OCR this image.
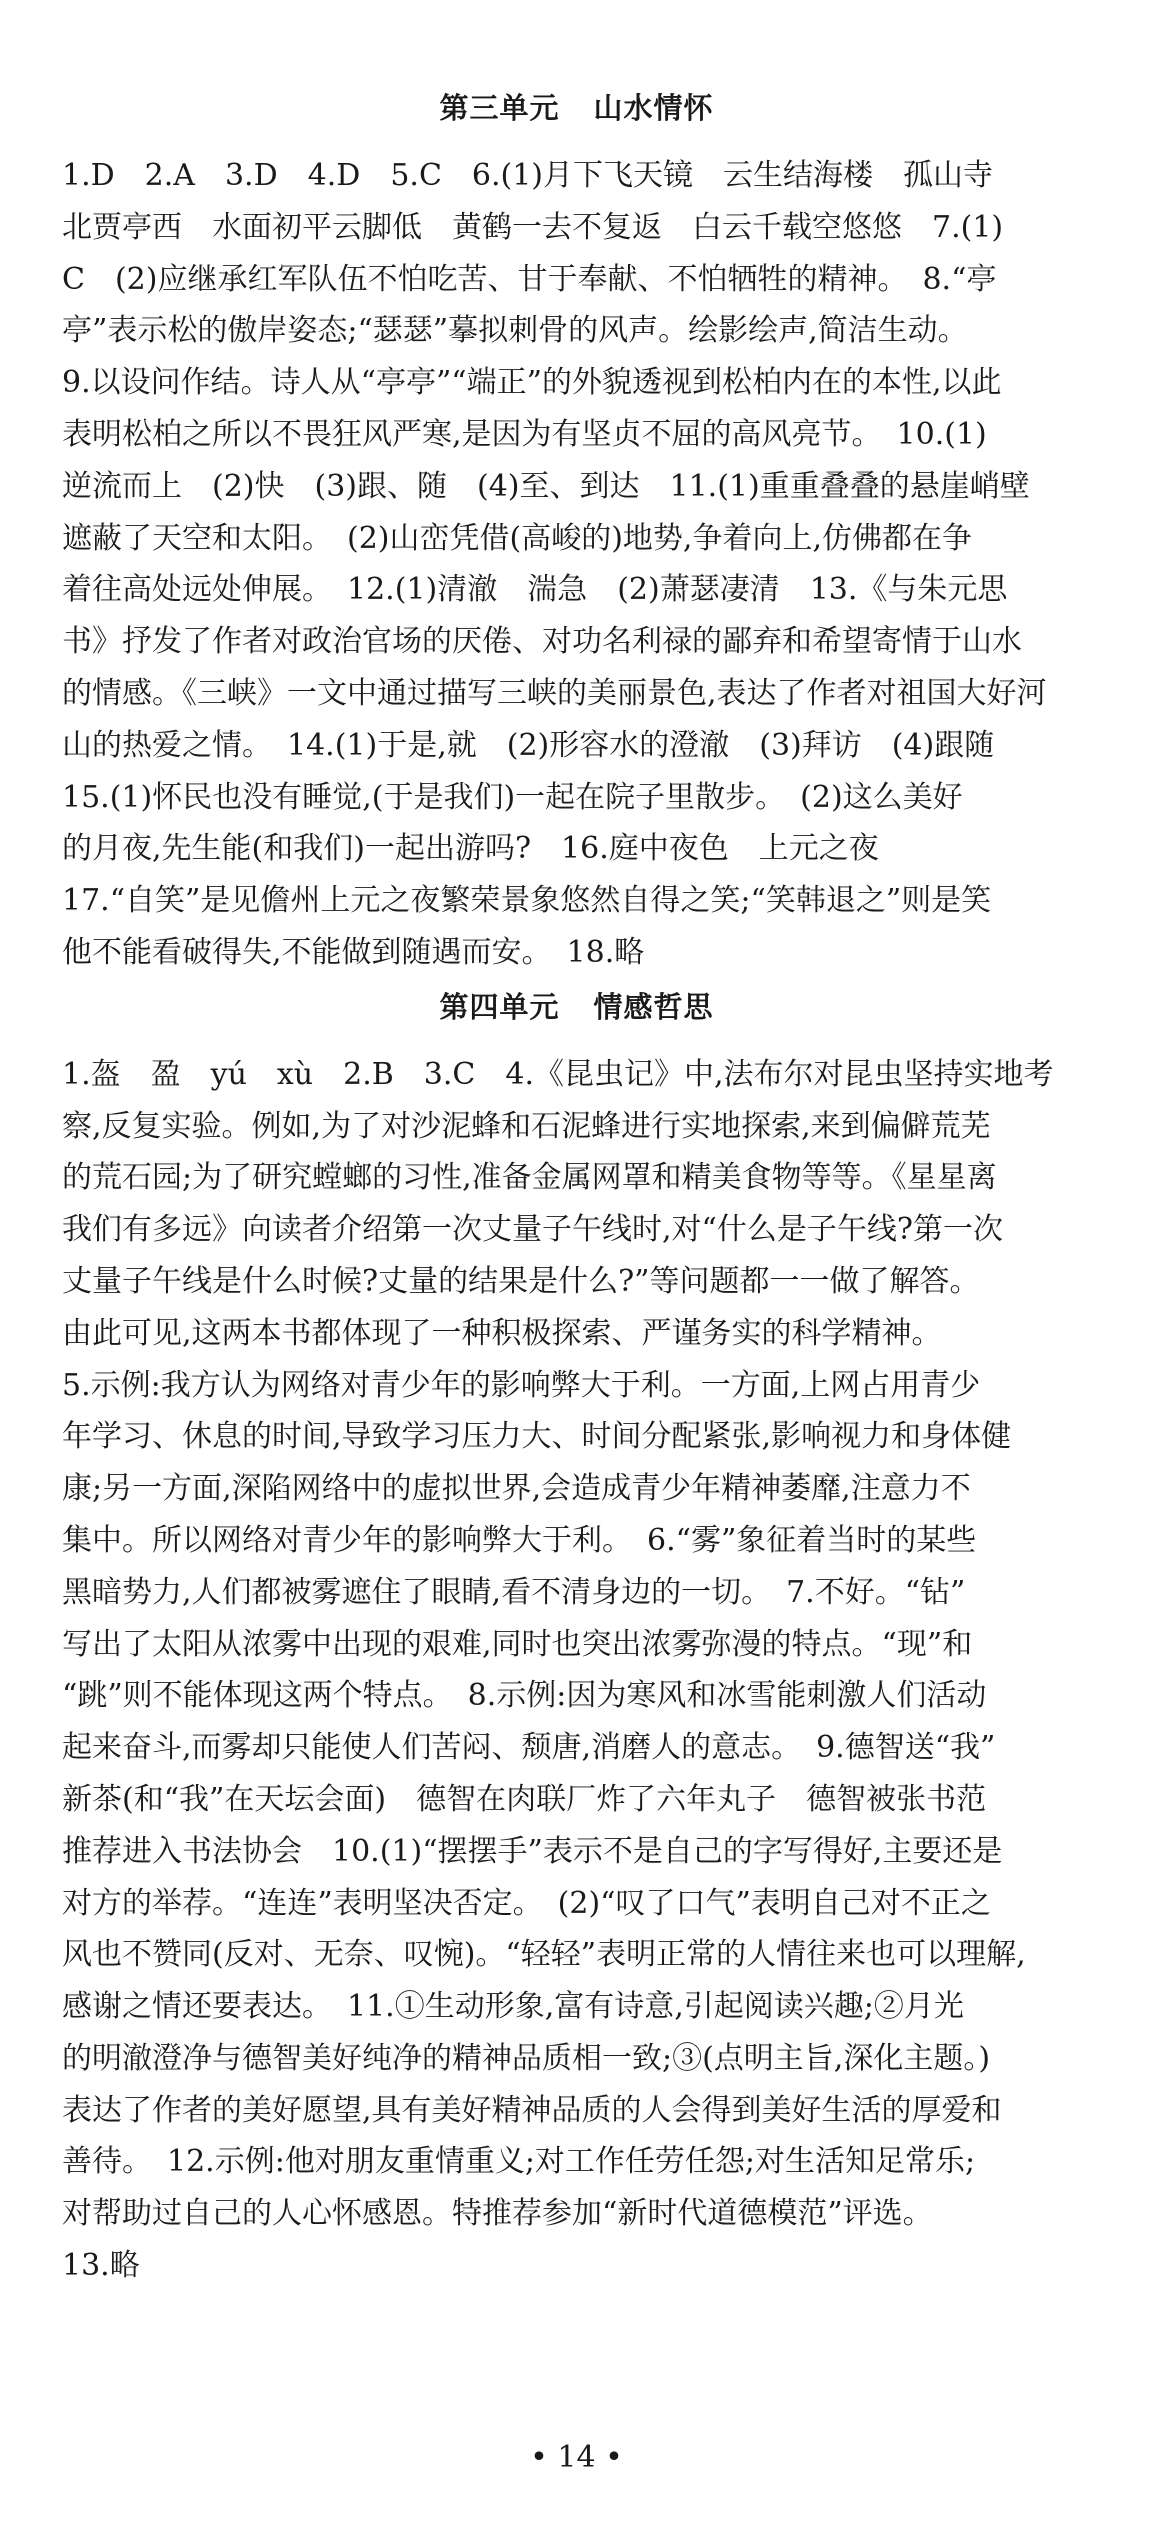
第三单元 山水情怀
1.D　2.A　3.D　4.D　5.C　6.(1)月下飞天镜　云生结海楼　孤山寺
北贾亭西　水面初平云脚低　黄鹤一去不复返　白云千载空悠悠　7.(1)
C　(2)应继承红军队伍不怕吃苦、甘于奉献、不怕牺牲的精神。　8.“亭
亭”表示松的傲岸姿态;“瑟瑟”摹拟刺骨的风声。绘影绘声,简洁生动。
9.以设问作结。诗人从“亭亭”“端正”的外貌透视到松柏内在的本性,以此
表明松柏之所以不畏狂风严寒,是因为有坚贞不屈的高风亮节。　10.(1)
逆流而上　(2)快　(3)跟、随　(4)至、到达　11.(1)重重叠叠的悬崖峭壁
遮蔽了天空和太阳。　(2)山峦凭借(高峻的)地势,争着向上,仿佛都在争
着往高处远处伸展。　12.(1)清澈　湍急　(2)萧瑟凄清　13.《与朱元思
书》抒发了作者对政治官场的厌倦、对功名利禄的鄙弃和希望寄情于山水
的情感。《三峡》一文中通过描写三峡的美丽景色,表达了作者对祖国大好河
山的热爱之情。　14.(1)于是,就　(2)形容水的澄澈　(3)拜访　(4)跟随
15.(1)怀民也没有睡觉,(于是我们)一起在院子里散步。　(2)这么美好
的月夜,先生能(和我们)一起出游吗?　16.庭中夜色　上元之夜
17.“自笑”是见儋州上元之夜繁荣景象悠然自得之笑;“笑韩退之”则是笑
他不能看破得失,不能做到随遇而安。　18.略
第四单元 情感哲思
1.盔　盈　yú　xù　2.B　3.C　4.《昆虫记》中,法布尔对昆虫坚持实地考
察,反复实验。例如,为了对沙泥蜂和石泥蜂进行实地探索,来到偏僻荒芜
的荒石园;为了研究螳螂的习性,准备金属网罩和精美食物等等。《星星离
我们有多远》向读者介绍第一次丈量子午线时,对“什么是子午线?第一次
丈量子午线是什么时候?丈量的结果是什么?”等问题都一一做了解答。
由此可见,这两本书都体现了一种积极探索、严谨务实的科学精神。
5.示例:我方认为网络对青少年的影响弊大于利。一方面,上网占用青少
年学习、休息的时间,导致学习压力大、时间分配紧张,影响视力和身体健
康;另一方面,深陷网络中的虚拟世界,会造成青少年精神萎靡,注意力不
集中。所以网络对青少年的影响弊大于利。　6.“雾”象征着当时的某些
黑暗势力,人们都被雾遮住了眼睛,看不清身边的一切。　7.不好。“钻”
写出了太阳从浓雾中出现的艰难,同时也突出浓雾弥漫的特点。“现”和
“跳”则不能体现这两个特点。　8.示例:因为寒风和冰雪能刺激人们活动
起来奋斗,而雾却只能使人们苦闷、颓唐,消磨人的意志。　9.德智送“我”
新茶(和“我”在天坛会面)　德智在肉联厂炸了六年丸子　德智被张书范
推荐进入书法协会　10.(1)“摆摆手”表示不是自己的字写得好,主要还是
对方的举荐。“连连”表明坚决否定。　(2)“叹了口气”表明自己对不正之
风也不赞同(反对、无奈、叹惋)。“轻轻”表明正常的人情往来也可以理解,
感谢之情还要表达。　11.①生动形象,富有诗意,引起阅读兴趣;②月光
的明澈澄净与德智美好纯净的精神品质相一致;③(点明主旨,深化主题。)
表达了作者的美好愿望,具有美好精神品质的人会得到美好生活的厚爱和
善待。　12.示例:他对朋友重情重义;对工作任劳任怨;对生活知足常乐;
对帮助过自己的人心怀感恩。特推荐参加“新时代道德模范”评选。
13.略
• 14 •
